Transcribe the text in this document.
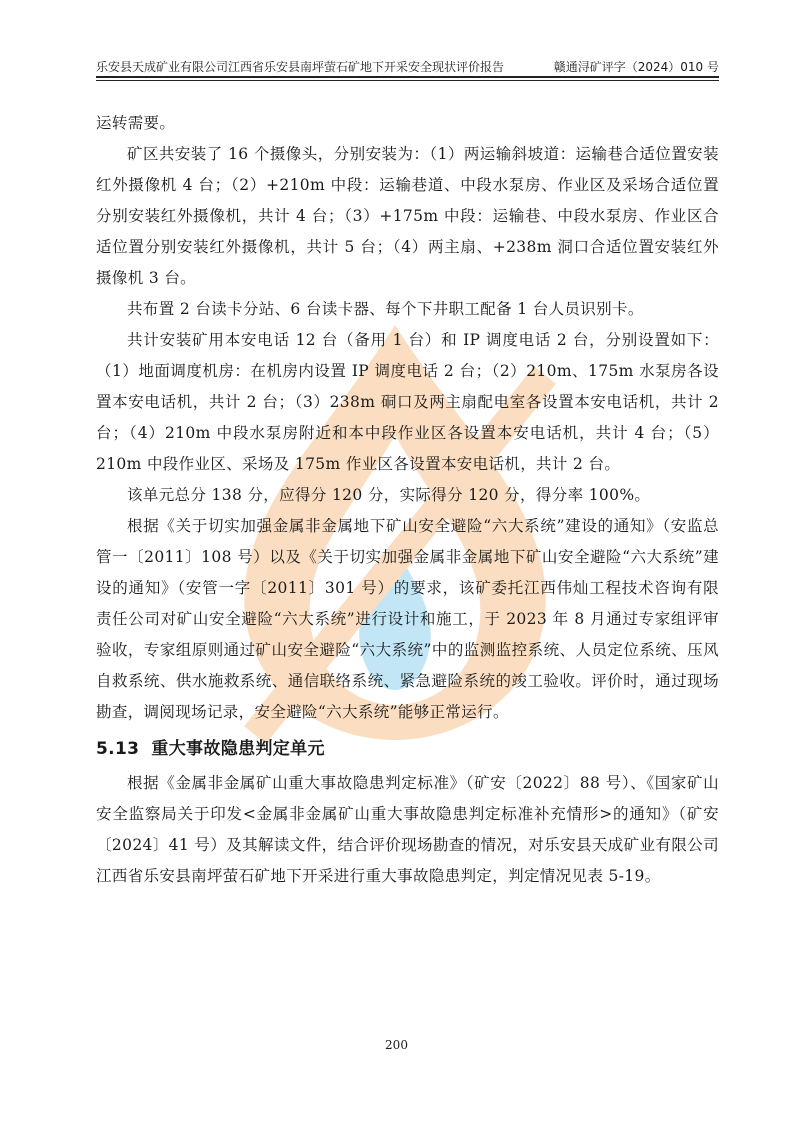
乐安县天成矿业有限公司江西省乐安县南坪萤石矿地下开采安全现状评价报告	赣通浔矿评字（2024）010 号

运转需要。

矿区共安装了 16 个摄像头，分别安装为：（1）两运输斜坡道：运输巷合适位置安装红外摄像机 4 台；（2）+210m 中段：运输巷道、中段水泵房、作业区及采场合适位置分别安装红外摄像机，共计 4 台；（3）+175m 中段：运输巷、中段水泵房、作业区合适位置分别安装红外摄像机，共计 5 台；（4）两主扇、+238m 洞口合适位置安装红外摄像机 3 台。

共布置 2 台读卡分站、6 台读卡器、每个下井职工配备 1 台人员识别卡。

共计安装矿用本安电话 12 台（备用 1 台）和 IP 调度电话 2 台，分别设置如下：（1）地面调度机房：在机房内设置 IP 调度电话 2 台；（2）210m、175m 水泵房各设置本安电话机，共计 2 台；（3）238m 硐口及两主扇配电室各设置本安电话机，共计 2 台；（4）210m 中段水泵房附近和本中段作业区各设置本安电话机，共计 4 台；（5）210m 中段作业区、采场及 175m 作业区各设置本安电话机，共计 2 台。

该单元总分 138 分，应得分 120 分，实际得分 120 分，得分率 100%。

根据《关于切实加强金属非金属地下矿山安全避险“六大系统”建设的通知》（安监总管一〔2011〕108 号）以及《关于切实加强金属非金属地下矿山安全避险“六大系统”建设的通知》（安管一字〔2011〕301 号）的要求，该矿委托江西伟灿工程技术咨询有限责任公司对矿山安全避险“六大系统”进行设计和施工，于 2023 年 8 月通过专家组评审验收，专家组原则通过矿山安全避险“六大系统”中的监测监控系统、人员定位系统、压风自救系统、供水施救系统、通信联络系统、紧急避险系统的竣工验收。评价时，通过现场勘查，调阅现场记录，安全避险“六大系统”能够正常运行。

5.13 重大事故隐患判定单元

根据《金属非金属矿山重大事故隐患判定标准》（矿安〔2022〕88 号）、《国家矿山安全监察局关于印发<金属非金属矿山重大事故隐患判定标准补充情形>的通知》（矿安〔2024〕41 号）及其解读文件，结合评价现场勘查的情况，对乐安县天成矿业有限公司江西省乐安县南坪萤石矿地下开采进行重大事故隐患判定，判定情况见表 5-19。

200
